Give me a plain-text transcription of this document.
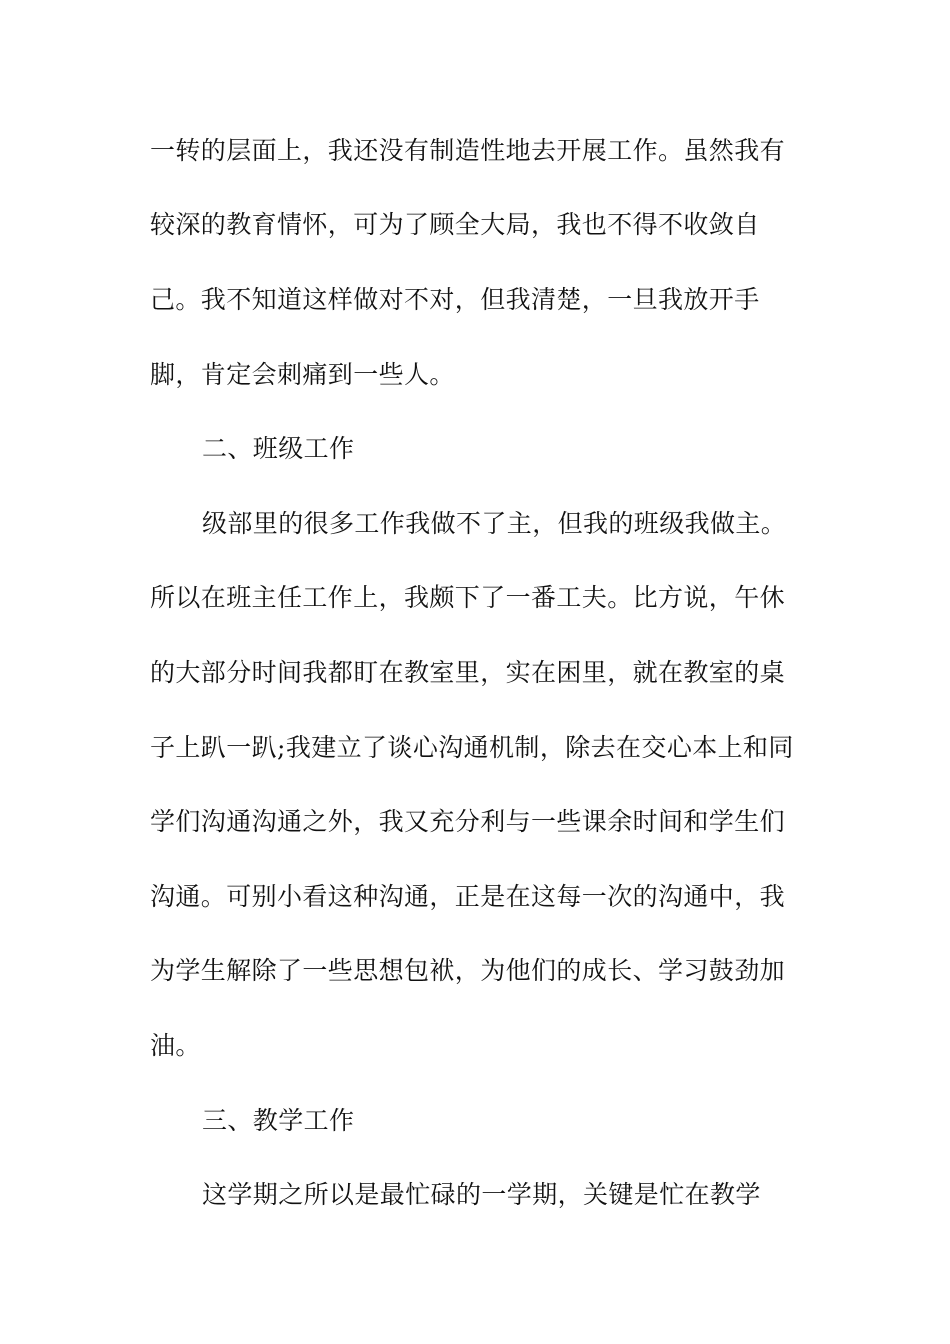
一转的层面上，我还没有制造性地去开展工作。虽然我有
较深的教育情怀，可为了顾全大局，我也不得不收敛自
己。我不知道这样做对不对，但我清楚，一旦我放开手
脚，肯定会刺痛到一些人。
二、班级工作
级部里的很多工作我做不了主，但我的班级我做主。
所以在班主任工作上，我颇下了一番工夫。比方说，午休
的大部分时间我都盯在教室里，实在困里，就在教室的桌
子上趴一趴;我建立了谈心沟通机制，除去在交心本上和同
学们沟通沟通之外，我又充分利与一些课余时间和学生们
沟通。可别小看这种沟通，正是在这每一次的沟通中，我
为学生解除了一些思想包袱，为他们的成长、学习鼓劲加
油。
三、教学工作
这学期之所以是最忙碌的一学期，关键是忙在教学
